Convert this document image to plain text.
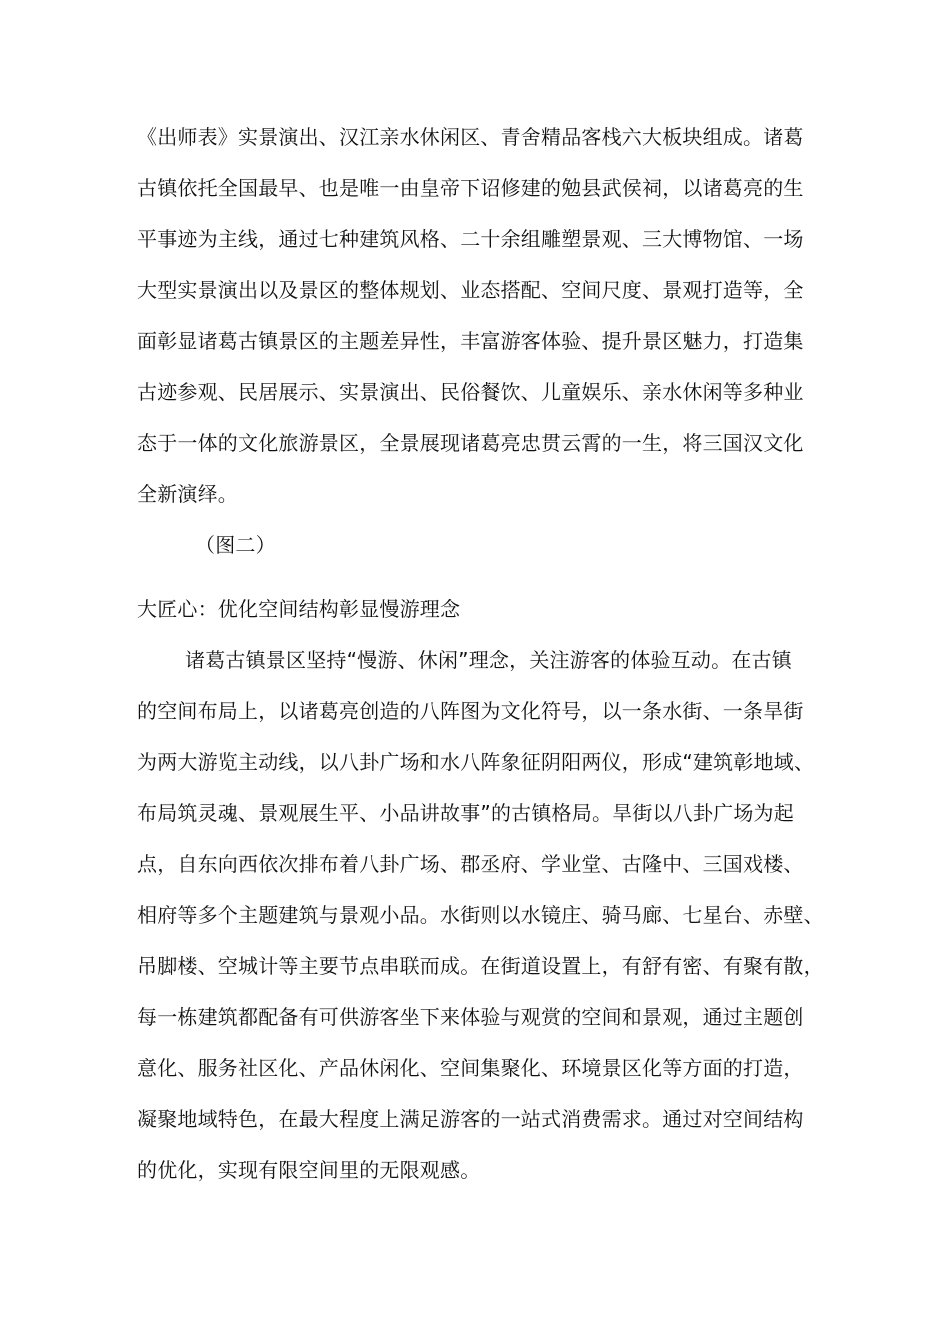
《出师表》实景演出、汉江亲水休闲区、青舍精品客栈六大板块组成。诸葛
古镇依托全国最早、也是唯一由皇帝下诏修建的勉县武侯祠，以诸葛亮的生
平事迹为主线，通过七种建筑风格、二十余组雕塑景观、三大博物馆、一场
大型实景演出以及景区的整体规划、业态搭配、空间尺度、景观打造等，全
面彰显诸葛古镇景区的主题差异性，丰富游客体验、提升景区魅力，打造集
古迹参观、民居展示、实景演出、民俗餐饮、儿童娱乐、亲水休闲等多种业
态于一体的文化旅游景区，全景展现诸葛亮忠贯云霄的一生，将三国汉文化
全新演绎。
（图二）
大匠心：优化空间结构彰显慢游理念
诸葛古镇景区坚持“慢游、休闲”理念，关注游客的体验互动。在古镇
的空间布局上，以诸葛亮创造的八阵图为文化符号，以一条水街、一条旱街
为两大游览主动线，以八卦广场和水八阵象征阴阳两仪，形成“建筑彰地域、
布局筑灵魂、景观展生平、小品讲故事”的古镇格局。旱街以八卦广场为起
点，自东向西依次排布着八卦广场、郡丞府、学业堂、古隆中、三国戏楼、
相府等多个主题建筑与景观小品。水街则以水镜庄、骑马廊、七星台、赤壁、
吊脚楼、空城计等主要节点串联而成。在街道设置上，有舒有密、有聚有散，
每一栋建筑都配备有可供游客坐下来体验与观赏的空间和景观，通过主题创
意化、服务社区化、产品休闲化、空间集聚化、环境景区化等方面的打造，
凝聚地域特色，在最大程度上满足游客的一站式消费需求。通过对空间结构
的优化，实现有限空间里的无限观感。
